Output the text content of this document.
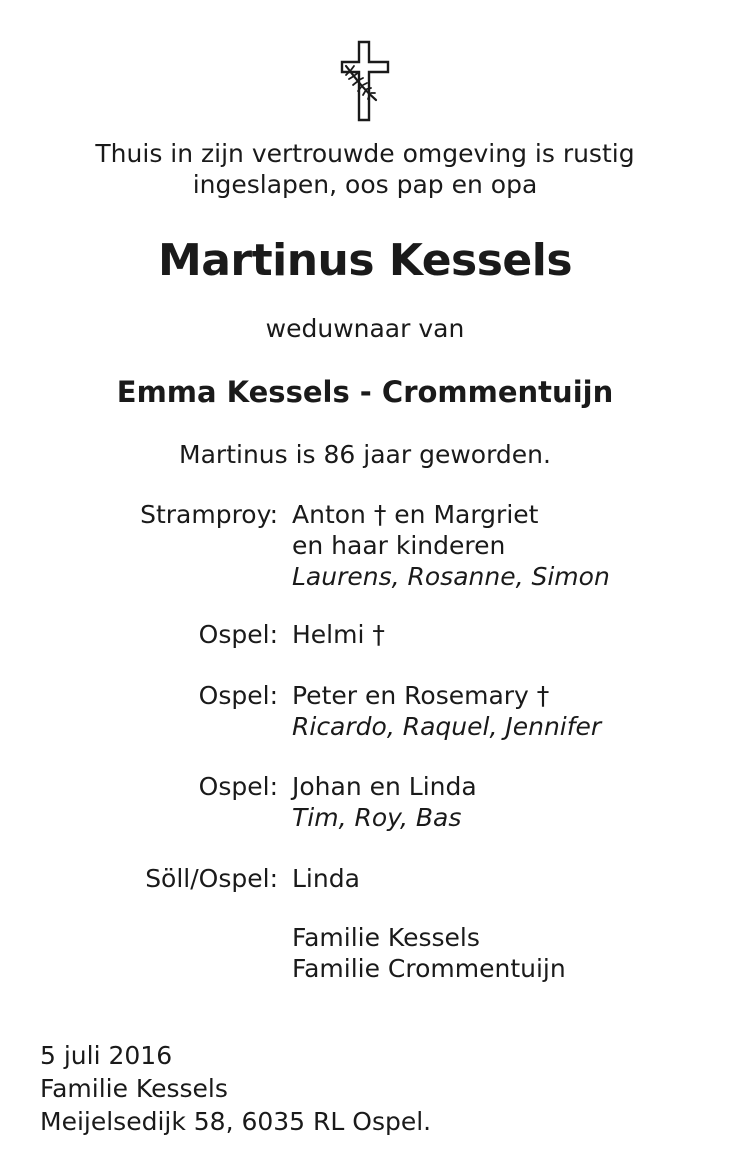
Thuis in zijn vertrouwde omgeving is rustig
ingeslapen, oos pap en opa
Martinus Kessels
weduwnaar van
Emma Kessels - Crommentuijn
Martinus is 86 jaar geworden.
Stramproy: Anton † en Margriet
en haar kinderen
Laurens, Rosanne, Simon
Ospel: Helmi †
Ospel: Peter en Rosemary †
Ricardo, Raquel, Jennifer
Ospel: Johan en Linda
Tim, Roy, Bas
Söll/Ospel: Linda
Familie Kessels
Familie Crommentuijn
5 juli 2016
Familie Kessels
Meijelsedijk 58, 6035 RL Ospel.
